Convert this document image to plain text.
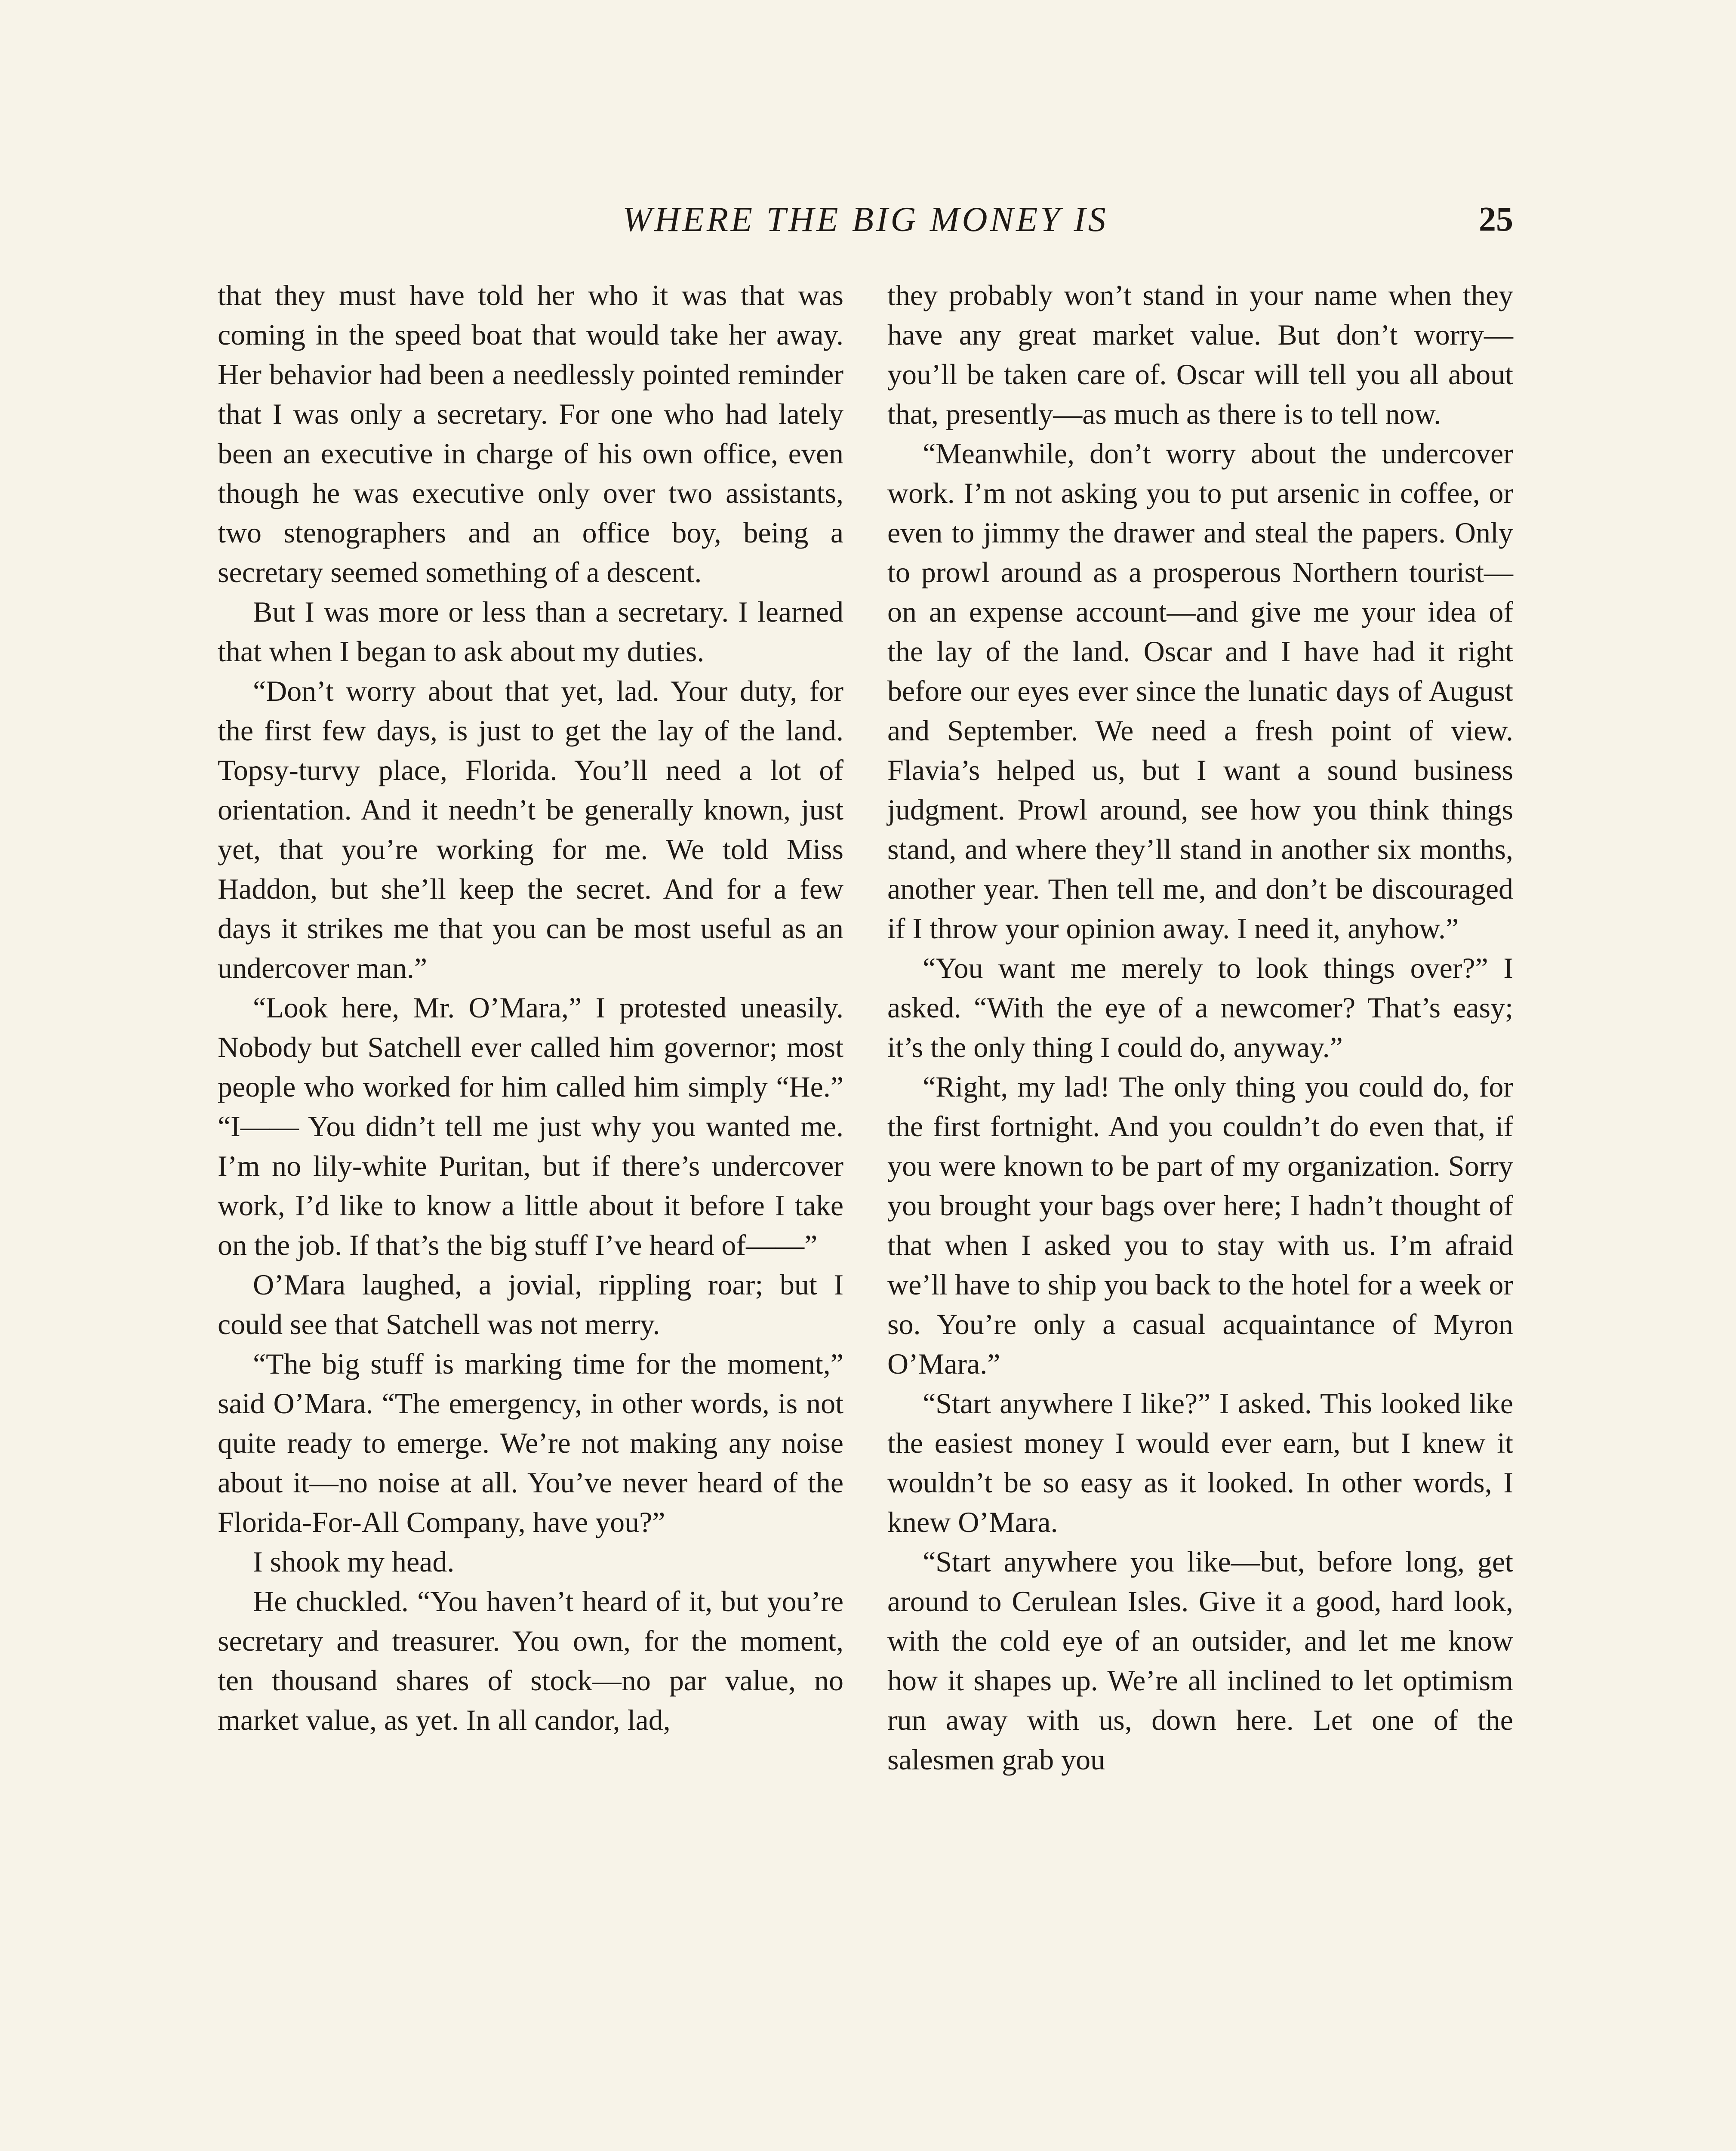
WHERE THE BIG MONEY IS	25

that they must have told her who it was that was coming in the speed boat that would take her away. Her behavior had been a needlessly pointed reminder that I was only a secretary. For one who had lately been an executive in charge of his own office, even though he was executive only over two assistants, two stenographers and an office boy, being a secretary seemed something of a descent.

But I was more or less than a secretary. I learned that when I began to ask about my duties.

“Don’t worry about that yet, lad. Your duty, for the first few days, is just to get the lay of the land. Topsy-turvy place, Florida. You’ll need a lot of orientation. And it needn’t be generally known, just yet, that you’re working for me. We told Miss Haddon, but she’ll keep the secret. And for a few days it strikes me that you can be most useful as an undercover man.”

“Look here, Mr. O’Mara,” I protested uneasily. Nobody but Satchell ever called him governor; most people who worked for him called him simply “He.” “I—— You didn’t tell me just why you wanted me. I’m no lily-white Puritan, but if there’s undercover work, I’d like to know a little about it before I take on the job. If that’s the big stuff I’ve heard of——”

O’Mara laughed, a jovial, rippling roar; but I could see that Satchell was not merry.

“The big stuff is marking time for the moment,” said O’Mara. “The emergency, in other words, is not quite ready to emerge. We’re not making any noise about it—no noise at all. You’ve never heard of the Florida-For-All Company, have you?”

I shook my head.

He chuckled. “You haven’t heard of it, but you’re secretary and treasurer. You own, for the moment, ten thousand shares of stock—no par value, no market value, as yet. In all candor, lad,

they probably won’t stand in your name when they have any great market value. But don’t worry—you’ll be taken care of. Oscar will tell you all about that, presently—as much as there is to tell now.

“Meanwhile, don’t worry about the undercover work. I’m not asking you to put arsenic in coffee, or even to jimmy the drawer and steal the papers. Only to prowl around as a prosperous Northern tourist—on an expense account—and give me your idea of the lay of the land. Oscar and I have had it right before our eyes ever since the lunatic days of August and September. We need a fresh point of view. Flavia’s helped us, but I want a sound business judgment. Prowl around, see how you think things stand, and where they’ll stand in another six months, another year. Then tell me, and don’t be discouraged if I throw your opinion away. I need it, anyhow.”

“You want me merely to look things over?” I asked. “With the eye of a newcomer? That’s easy; it’s the only thing I could do, anyway.”

“Right, my lad! The only thing you could do, for the first fortnight. And you couldn’t do even that, if you were known to be part of my organization. Sorry you brought your bags over here; I hadn’t thought of that when I asked you to stay with us. I’m afraid we’ll have to ship you back to the hotel for a week or so. You’re only a casual acquaintance of Myron O’Mara.”

“Start anywhere I like?” I asked. This looked like the easiest money I would ever earn, but I knew it wouldn’t be so easy as it looked. In other words, I knew O’Mara.

“Start anywhere you like—but, before long, get around to Cerulean Isles. Give it a good, hard look, with the cold eye of an outsider, and let me know how it shapes up. We’re all inclined to let optimism run away with us, down here. Let one of the salesmen grab you
